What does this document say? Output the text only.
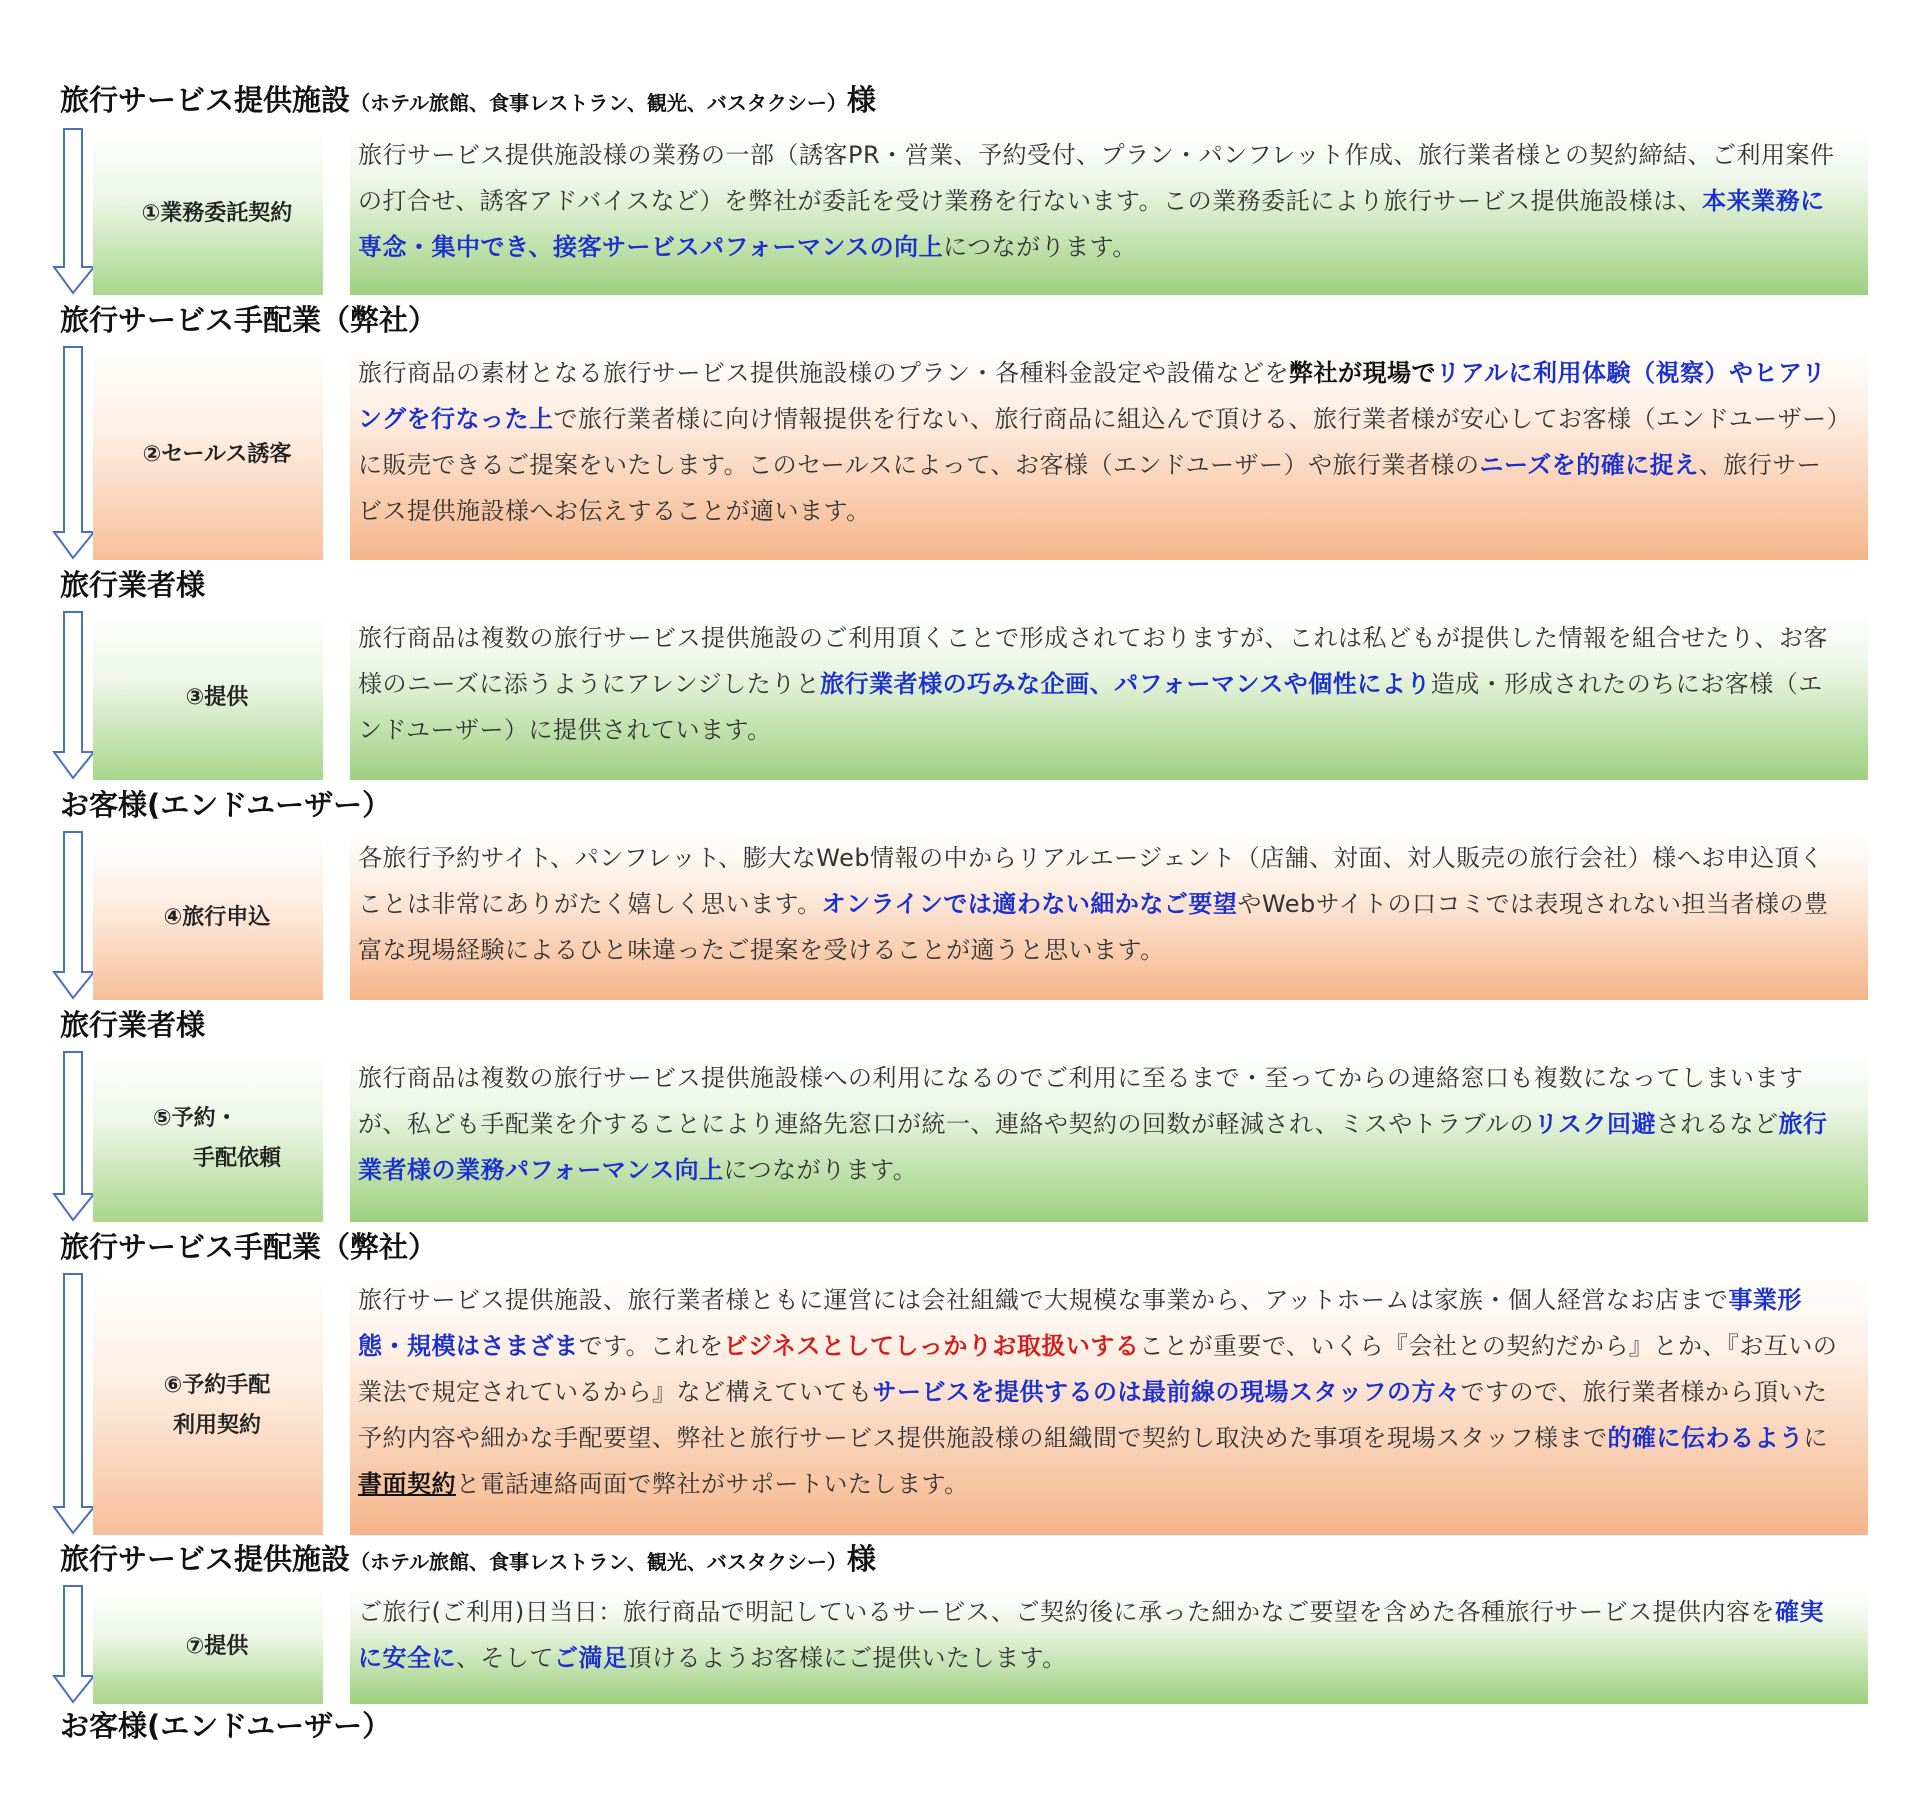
旅行サービス提供施設（ホテル旅館、食事レストラン、観光、バスタクシー）様
①業務委託契約
旅行サービス提供施設様の業務の一部（誘客PR・営業、予約受付、プラン・パンフレット作成、旅行業者様との契約締結、ご利用案件の打合せ、誘客アドバイスなど）を弊社が委託を受け業務を行ないます。この業務委託により旅行サービス提供施設様は、本来業務に専念・集中でき、接客サービスパフォーマンスの向上につながります。
旅行サービス手配業（弊社）
②セールス誘客
旅行商品の素材となる旅行サービス提供施設様のプラン・各種料金設定や設備などを弊社が現場でリアルに利用体験（視察）やヒアリングを行なった上で旅行業者様に向け情報提供を行ない、旅行商品に組込んで頂ける、旅行業者様が安心してお客様（エンドユーザー）に販売できるご提案をいたします。このセールスによって、お客様（エンドユーザー）や旅行業者様のニーズを的確に捉え、旅行サービス提供施設様へお伝えすることが適います。
旅行業者様
③提供
旅行商品は複数の旅行サービス提供施設のご利用頂くことで形成されておりますが、これは私どもが提供した情報を組合せたり、お客様のニーズに添うようにアレンジしたりと旅行業者様の巧みな企画、パフォーマンスや個性により造成・形成されたのちにお客様（エンドユーザー）に提供されています。
お客様(エンドユーザー）
④旅行申込
各旅行予約サイト、パンフレット、膨大なWeb情報の中からリアルエージェント（店舗、対面、対人販売の旅行会社）様へお申込頂くことは非常にありがたく嬉しく思います。オンラインでは適わない細かなご要望やWebサイトの口コミでは表現されない担当者様の豊富な現場経験によるひと味違ったご提案を受けることが適うと思います。
旅行業者様
⑤予約・
手配依頼
旅行商品は複数の旅行サービス提供施設様への利用になるのでご利用に至るまで・至ってからの連絡窓口も複数になってしまいますが、私ども手配業を介することにより連絡先窓口が統一、連絡や契約の回数が軽減され、ミスやトラブルのリスク回避されるなど旅行業者様の業務パフォーマンス向上につながります。
旅行サービス手配業（弊社）
⑥予約手配
利用契約
旅行サービス提供施設、旅行業者様ともに運営には会社組織で大規模な事業から、アットホームは家族・個人経営なお店まで事業形態・規模はさまざまです。これをビジネスとしてしっかりお取扱いすることが重要で、いくら『会社との契約だから』とか、『お互いの業法で規定されているから』など構えていてもサービスを提供するのは最前線の現場スタッフの方々ですので、旅行業者様から頂いた予約内容や細かな手配要望、弊社と旅行サービス提供施設様の組織間で契約し取決めた事項を現場スタッフ様まで的確に伝わるように書面契約と電話連絡両面で弊社がサポートいたします。
旅行サービス提供施設（ホテル旅館、食事レストラン、観光、バスタクシー）様
⑦提供
ご旅行(ご利用)日当日：旅行商品で明記しているサービス、ご契約後に承った細かなご要望を含めた各種旅行サービス提供内容を確実に安全に、そしてご満足頂けるようお客様にご提供いたします。
お客様(エンドユーザー）
